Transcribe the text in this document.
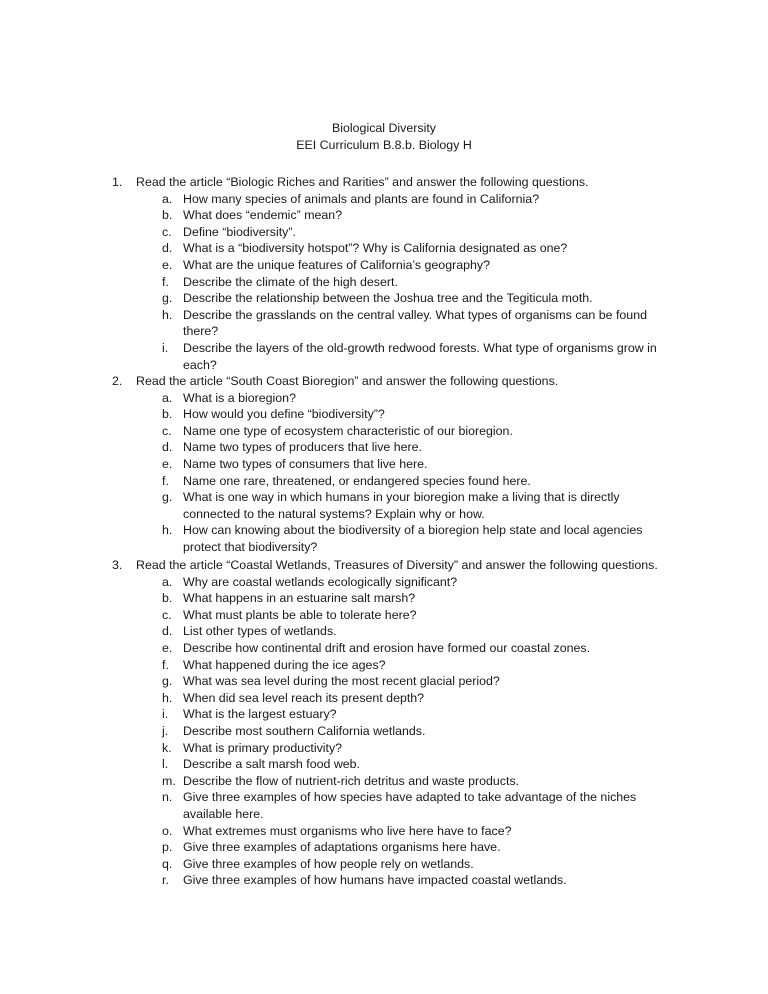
Biological Diversity
EEI Curriculum B.8.b. Biology H
1. Read the article “Biologic Riches and Rarities” and answer the following questions.
a. How many species of animals and plants are found in California?
b. What does “endemic” mean?
c. Define “biodiversity”.
d. What is a “biodiversity hotspot”? Why is California designated as one?
e. What are the unique features of California’s geography?
f. Describe the climate of the high desert.
g. Describe the relationship between the Joshua tree and the Tegiticula moth.
h. Describe the grasslands on the central valley. What types of organisms can be found there?
i. Describe the layers of the old-growth redwood forests. What type of organisms grow in each?
2. Read the article “South Coast Bioregion” and answer the following questions.
a. What is a bioregion?
b. How would you define “biodiversity”?
c. Name one type of ecosystem characteristic of our bioregion.
d. Name two types of producers that live here.
e. Name two types of consumers that live here.
f. Name one rare, threatened, or endangered species found here.
g. What is one way in which humans in your bioregion make a living that is directly connected to the natural systems? Explain why or how.
h. How can knowing about the biodiversity of a bioregion help state and local agencies protect that biodiversity?
3. Read the article “Coastal Wetlands, Treasures of Diversity” and answer the following questions.
a. Why are coastal wetlands ecologically significant?
b. What happens in an estuarine salt marsh?
c. What must plants be able to tolerate here?
d. List other types of wetlands.
e. Describe how continental drift and erosion have formed our coastal zones.
f. What happened during the ice ages?
g. What was sea level during the most recent glacial period?
h. When did sea level reach its present depth?
i. What is the largest estuary?
j. Describe most southern California wetlands.
k. What is primary productivity?
l. Describe a salt marsh food web.
m. Describe the flow of nutrient-rich detritus and waste products.
n. Give three examples of how species have adapted to take advantage of the niches available here.
o. What extremes must organisms who live here have to face?
p. Give three examples of adaptations organisms here have.
q. Give three examples of how people rely on wetlands.
r. Give three examples of how humans have impacted coastal wetlands.
